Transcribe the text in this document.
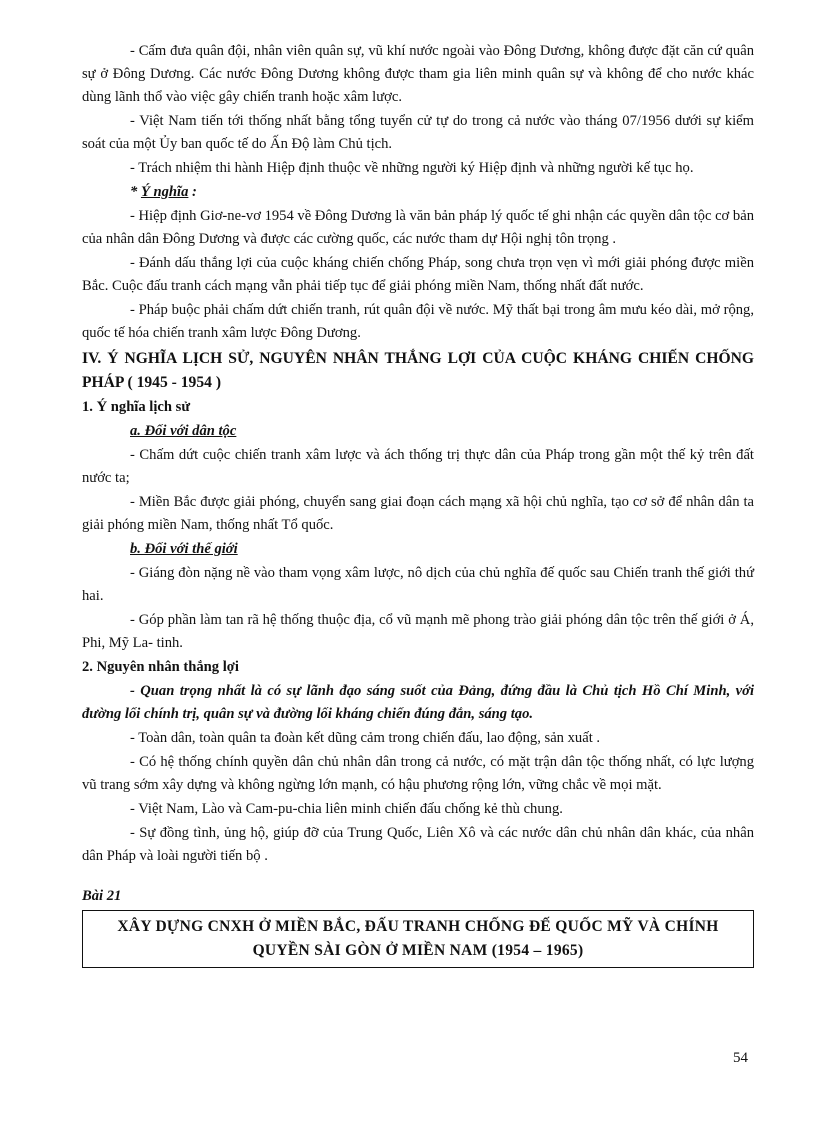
- Cấm đưa quân đội, nhân viên quân sự, vũ khí nước ngoài vào Đông Dương, không được đặt căn cứ quân sự ở Đông Dương. Các nước Đông Dương không được tham gia liên minh quân sự và không để cho nước khác dùng lãnh thổ vào việc gây chiến tranh hoặc xâm lược.

- Việt Nam tiến tới thống nhất bằng tổng tuyển cử tự do trong cả nước vào tháng 07/1956 dưới sự kiểm soát của một Ủy ban quốc tế do Ấn Độ làm Chủ tịch.

- Trách nhiệm thi hành Hiệp định thuộc về những người ký Hiệp định và những người kế tục họ.

* Ý nghĩa :

- Hiệp định Giơ-ne-vơ 1954 về Đông Dương là văn bản pháp lý quốc tế ghi nhận các quyền dân tộc cơ bản của nhân dân Đông Dương và được các cường quốc, các nước tham dự Hội nghị tôn trọng .

- Đánh dấu thắng lợi của cuộc kháng chiến chống Pháp, song chưa trọn vẹn vì mới giải phóng được miền Bắc. Cuộc đấu tranh cách mạng vẫn phải tiếp tục để giải phóng miền Nam, thống nhất đất nước.

- Pháp buộc phải chấm dứt chiến tranh, rút quân đội về nước. Mỹ thất bại trong âm mưu kéo dài, mở rộng, quốc tế hóa chiến tranh xâm lược Đông Dương.

IV. Ý NGHĨA LỊCH SỬ, NGUYÊN NHÂN THẮNG LỢI CỦA CUỘC KHÁNG CHIẾN CHỐNG PHÁP ( 1945 - 1954 )

1. Ý nghĩa lịch sử

a. Đối với dân tộc

- Chấm dứt cuộc chiến tranh xâm lược và ách thống trị thực dân của Pháp trong gần một thế kỷ trên đất nước ta;

- Miền Bắc được giải phóng, chuyển sang giai đoạn cách mạng xã hội chủ nghĩa, tạo cơ sở để nhân dân ta giải phóng miền Nam, thống nhất Tổ quốc.

b. Đối với thế giới

- Giáng đòn nặng nề vào tham vọng xâm lược, nô dịch của chủ nghĩa đế quốc sau Chiến tranh thế giới thứ hai.

- Góp phần làm tan rã hệ thống thuộc địa, cổ vũ mạnh mẽ phong trào giải phóng dân tộc trên thế giới ở Á, Phi, Mỹ La- tinh.

2. Nguyên nhân thắng lợi

- Quan trọng nhất là có sự lãnh đạo sáng suốt của Đảng, đứng đầu là Chủ tịch Hồ Chí Minh, với đường lối chính trị, quân sự và đường lối kháng chiến đúng đắn, sáng tạo.

- Toàn dân, toàn quân ta đoàn kết dũng cảm trong chiến đấu, lao động, sản xuất .

- Có hệ thống chính quyền dân chủ nhân dân trong cả nước, có mặt trận dân tộc thống nhất, có lực lượng vũ trang sớm xây dựng và không ngừng lớn mạnh, có hậu phương rộng lớn, vững chắc về mọi mặt.

- Việt Nam, Lào và Cam-pu-chia liên minh chiến đấu chống kẻ thù chung.

- Sự đồng tình, ủng hộ, giúp đỡ của Trung Quốc, Liên Xô và các nước dân chủ nhân dân khác, của nhân dân Pháp và loài người tiến bộ .

Bài 21

XÂY DỰNG CNXH Ở MIỀN BẮC, ĐẤU TRANH CHỐNG ĐẾ QUỐC MỸ VÀ CHÍNH QUYỀN SÀI GÒN Ở MIỀN NAM (1954 – 1965)
54
